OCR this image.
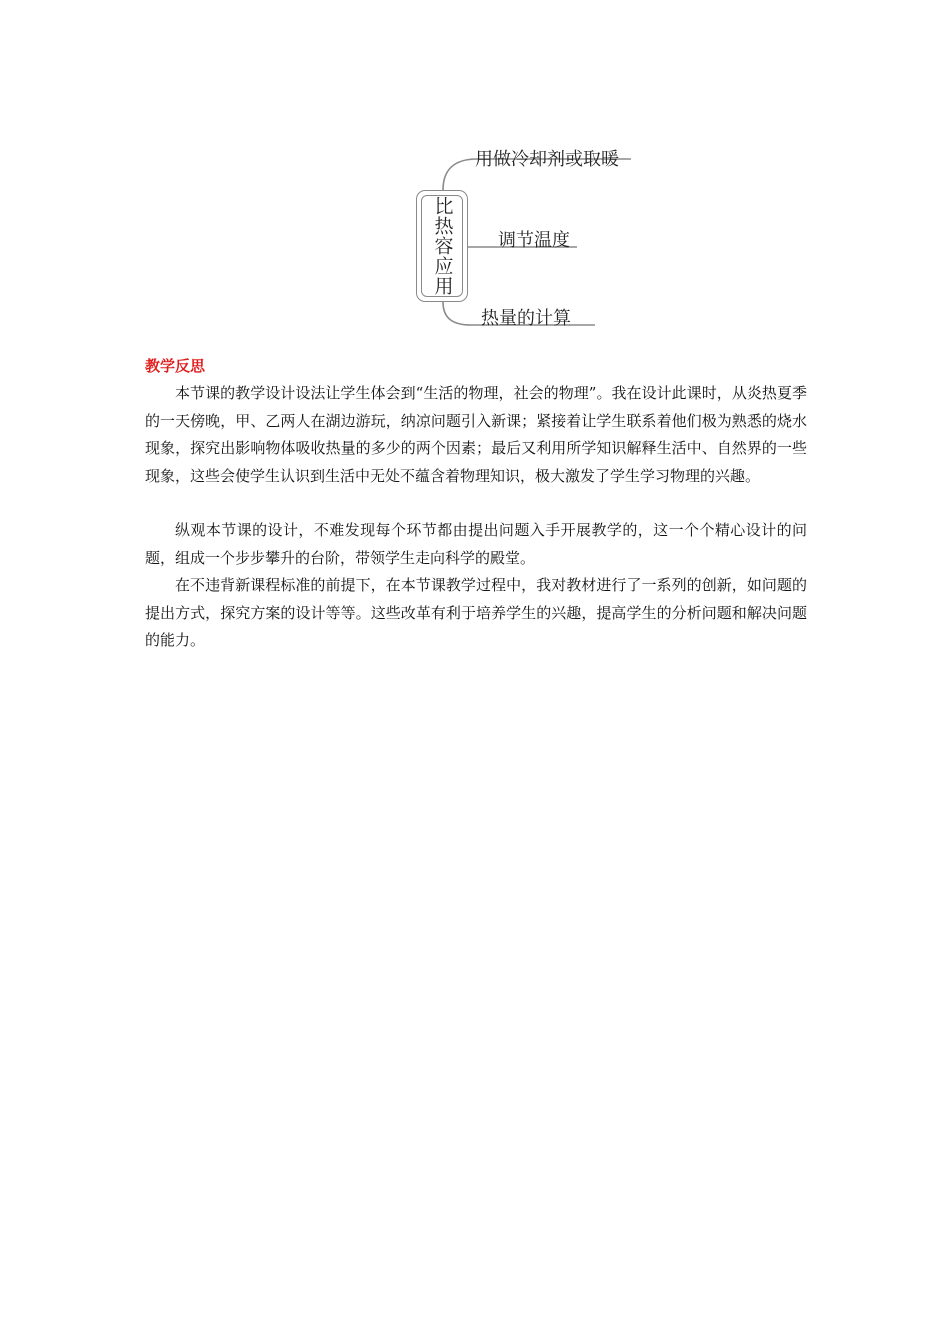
比热容应用
用做冷却剂或取暖
调节温度
热量的计算
教学反思

本节课的教学设计设法让学生体会到“生活的物理，社会的物理”。我在设计此课时，从炎热夏季的一天傍晚，甲、乙两人在湖边游玩，纳凉问题引入新课；紧接着让学生联系着他们极为熟悉的烧水现象，探究出影响物体吸收热量的多少的两个因素；最后又利用所学知识解释生活中、自然界的一些现象，这些会使学生认识到生活中无处不蕴含着物理知识，极大激发了学生学习物理的兴趣。

纵观本节课的设计，不难发现每个环节都由提出问题入手开展教学的，这一个个精心设计的问题，组成一个步步攀升的台阶，带领学生走向科学的殿堂。

在不违背新课程标准的前提下，在本节课教学过程中，我对教材进行了一系列的创新，如问题的提出方式，探究方案的设计等等。这些改革有利于培养学生的兴趣，提高学生的分析问题和解决问题的能力。
